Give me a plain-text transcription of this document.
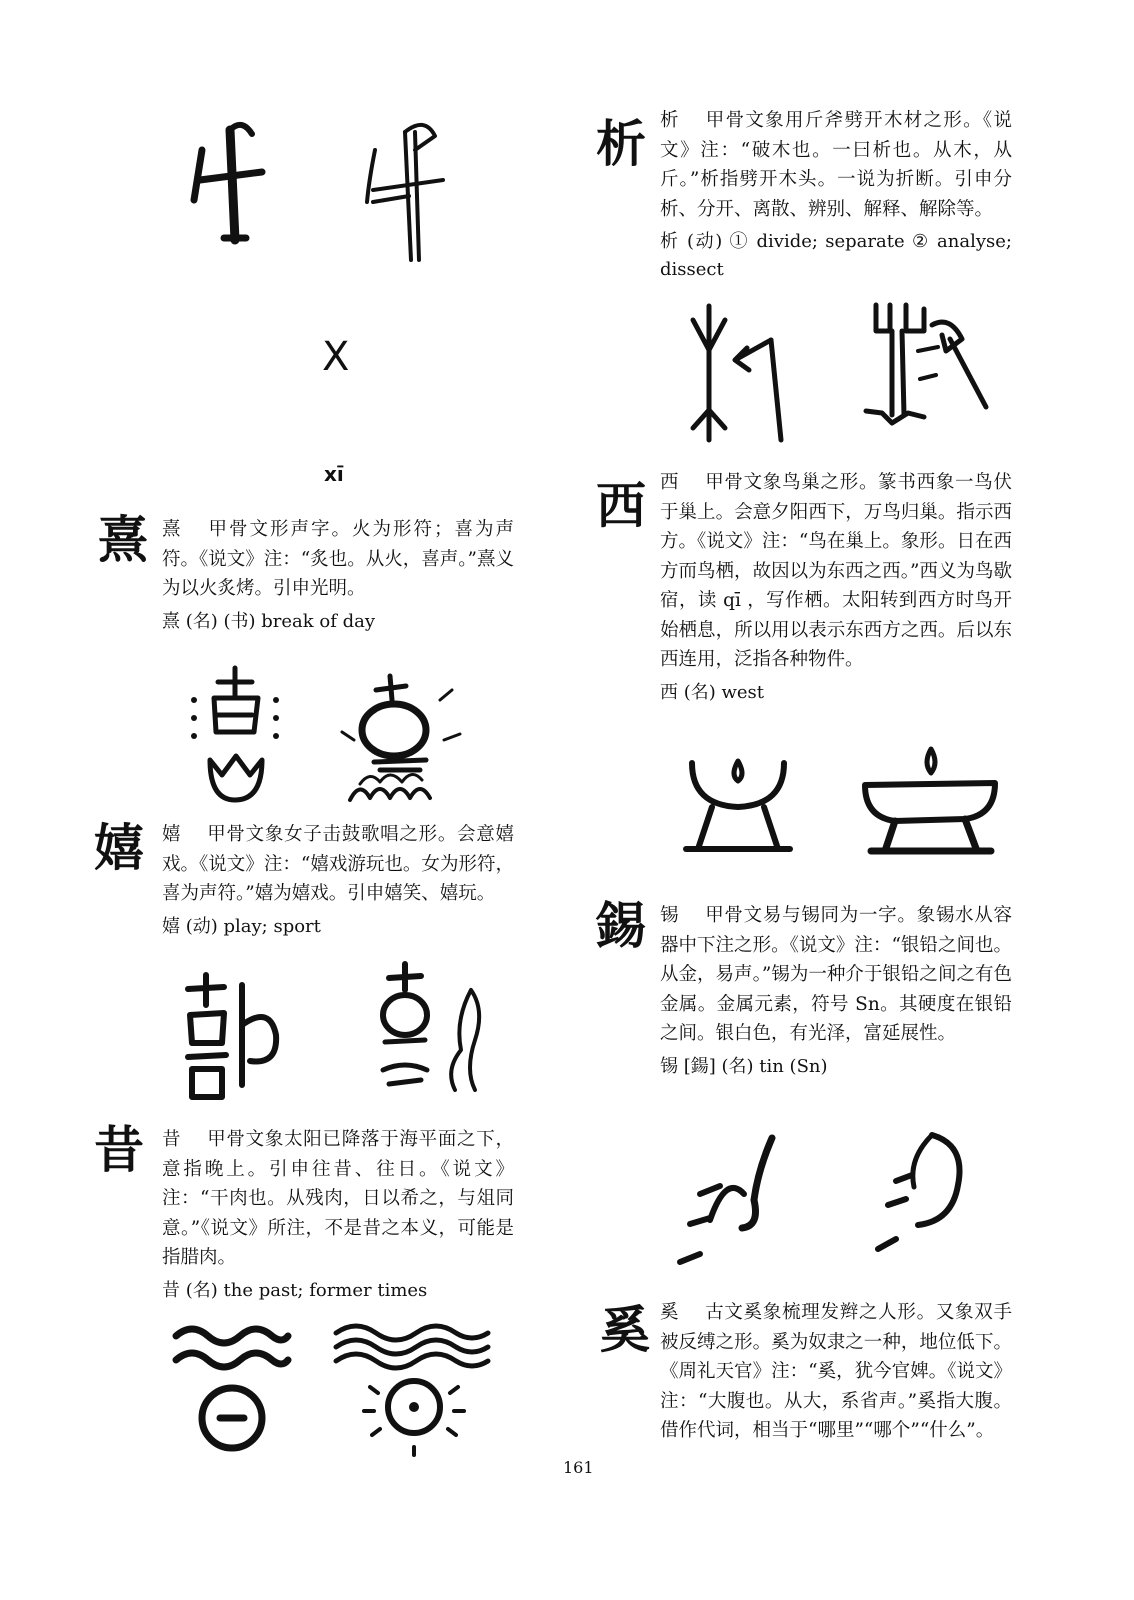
X
xī
熹 熹 甲骨文形声字。火为形符；喜为声符。《说文》注：“炙也。从火，喜声。”熹义为以火炙烤。引申光明。
熹 (名) (书) break of day
嬉 嬉 甲骨文象女子击鼓歌唱之形。会意嬉戏。《说文》注：“嬉戏游玩也。女为形符，喜为声符。”嬉为嬉戏。引申嬉笑、嬉玩。
嬉 (动) play; sport
昔 昔 甲骨文象太阳已降落于海平面之下，意指晚上。引申往昔、往日。《说文》注：“干肉也。从残肉，日以希之，与俎同意。”《说文》所注，不是昔之本义，可能是指腊肉。
昔 (名) the past; former times
析 析 甲骨文象用斤斧劈开木材之形。《说文》注：“破木也。一曰析也。从木，从斤。”析指劈开木头。一说为折断。引申分析、分开、离散、辨别、解释、解除等。
析 (动) ① divide; separate ② analyse; dissect
西 西 甲骨文象鸟巢之形。篆书西象一鸟伏于巢上。会意夕阳西下，万鸟归巢。指示西方。《说文》注：“鸟在巢上。象形。日在西方而鸟栖，故因以为东西之西。”西义为鸟歇宿，读 qī ，写作栖。太阳转到西方时鸟开始栖息，所以用以表示东西方之西。后以东西连用，泛指各种物件。
西 (名) west
錫 锡 甲骨文易与锡同为一字。象锡水从容器中下注之形。《说文》注：“银铅之间也。从金，易声。”锡为一种介于银铅之间之有色金属。金属元素，符号 Sn。其硬度在银铅之间。银白色，有光泽，富延展性。
锡 [鍚] (名) tin (Sn)
奚 奚 古文奚象梳理发辫之人形。又象双手被反缚之形。奚为奴隶之一种，地位低下。《周礼天官》注：“奚，犹今官婢。《说文》注：“大腹也。从大，系省声。”奚指大腹。借作代词，相当于“哪里”“哪个”“什么”。
161
